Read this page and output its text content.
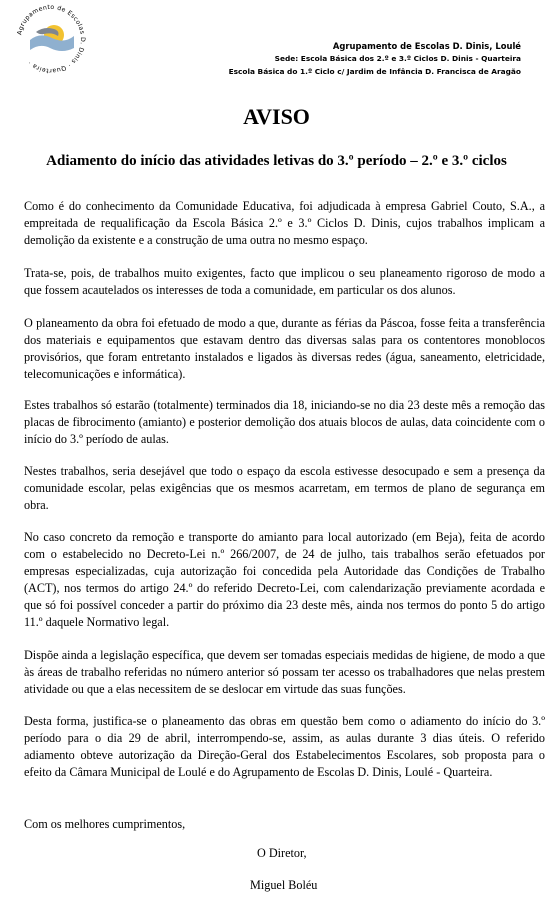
Agrupamento de Escolas D. Dinis · Quarteira ·
Agrupamento de Escolas D. Dinis, Loulé
Sede: Escola Básica dos 2.º e 3.º Ciclos D. Dinis - Quarteira
Escola Básica do 1.º Ciclo c/ Jardim de Infância D. Francisca de Aragão
AVISO
Adiamento do início das atividades letivas do 3.º período – 2.º e 3.º ciclos

Como é do conhecimento da Comunidade Educativa, foi adjudicada à empresa Gabriel Couto, S.A., a empreitada de requalificação da Escola Básica 2.º e 3.º Ciclos D. Dinis, cujos trabalhos implicam a demolição da existente e a construção de uma outra no mesmo espaço.

Trata-se, pois, de trabalhos muito exigentes, facto que implicou o seu planeamento rigoroso de modo a que fossem acautelados os interesses de toda a comunidade, em particular os dos alunos.

O planeamento da obra foi efetuado de modo a que, durante as férias da Páscoa, fosse feita a transferência dos materiais e equipamentos que estavam dentro das diversas salas para os contentores monoblocos provisórios, que foram entretanto instalados e ligados às diversas redes (água, saneamento, eletricidade, telecomunicações e informática).

Estes trabalhos só estarão (totalmente) terminados dia 18, iniciando-se no dia 23 deste mês a remoção das placas de fibrocimento (amianto) e posterior demolição dos atuais blocos de aulas, data coincidente com o início do 3.º período de aulas.

Nestes trabalhos, seria desejável que todo o espaço da escola estivesse desocupado e sem a presença da comunidade escolar, pelas exigências que os mesmos acarretam, em termos de plano de segurança em obra.

No caso concreto da remoção e transporte do amianto para local autorizado (em Beja), feita de acordo com o estabelecido no Decreto-Lei n.º 266/2007, de 24 de julho, tais trabalhos serão efetuados por empresas especializadas, cuja autorização foi concedida pela Autoridade das Condições de Trabalho (ACT), nos termos do artigo 24.º do referido Decreto-Lei, com calendarização previamente acordada e que só foi possível conceder a partir do próximo dia 23 deste mês, ainda nos termos do ponto 5 do artigo 11.º daquele Normativo legal.

Dispõe ainda a legislação específica, que devem ser tomadas especiais medidas de higiene, de modo a que às áreas de trabalho referidas no número anterior só possam ter acesso os trabalhadores que nelas prestem atividade ou que a elas necessitem de se deslocar em virtude das suas funções.

Desta forma, justifica-se o planeamento das obras em questão bem como o adiamento do início do 3.º período para o dia 29 de abril, interrompendo-se, assim, as aulas durante 3 dias úteis. O referido adiamento obteve autorização da Direção-Geral dos Estabelecimentos Escolares, sob proposta para o efeito da Câmara Municipal de Loulé e do Agrupamento de Escolas D. Dinis, Loulé - Quarteira.

Com os melhores cumprimentos,
O Diretor,
Miguel Boléu
